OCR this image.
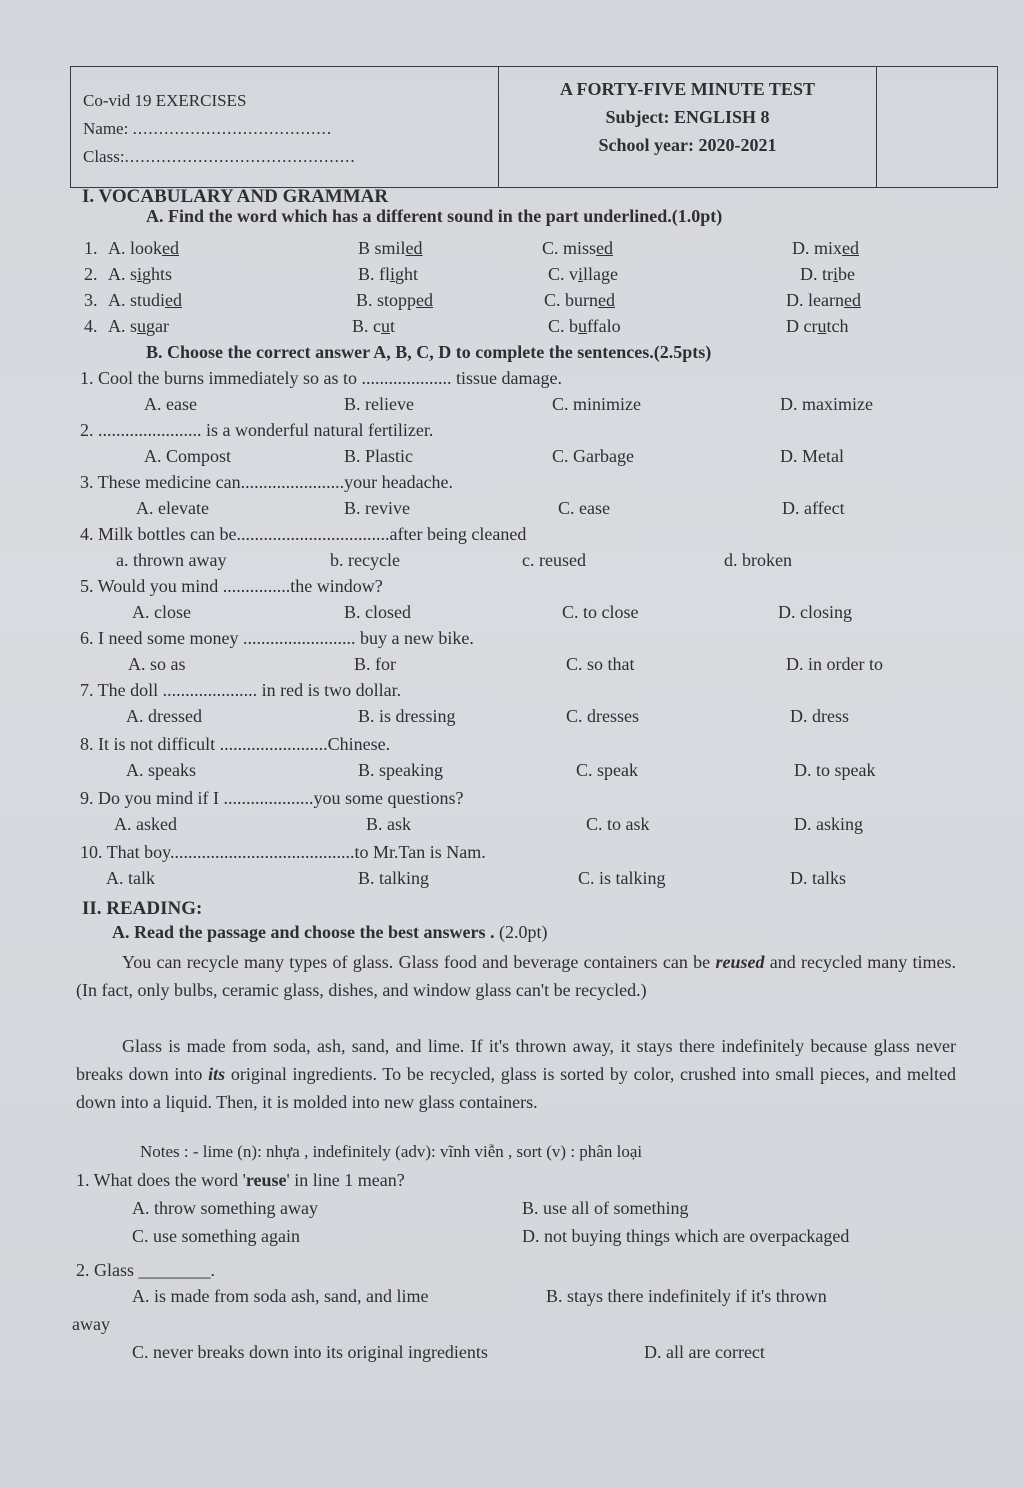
Co-vid 19 EXERCISES
Name: ......................................
Class:............................................
A FORTY-FIVE MINUTE TEST
Subject: ENGLISH 8
School year: 2020-2021
I. VOCABULARY AND GRAMMAR
A. Find the word which has a different sound in the part underlined.(1.0pt)
1. A. looked	B smiled	C. missed	D. mixed
2. A. sights	B. flight	C. village	D. tribe
3. A. studied	B. stopped	C. burned	D. learned
4. A. sugar	B. cut	C. buffalo	D crutch
B. Choose the correct answer A, B, C, D to complete the sentences.(2.5pts)
1. Cool the burns immediately so as to .................... tissue damage.
A. ease	B. relieve	C. minimize	D. maximize
2. ....................... is a wonderful natural fertilizer.
A. Compost	B. Plastic	C. Garbage	D. Metal
3. These medicine can.......................your headache.
A. elevate	B. revive	C. ease	D. affect
4. Milk bottles can be..................................after being cleaned
a. thrown away	b. recycle	c. reused	d. broken
5. Would you mind ...............the window?
A. close	B. closed	C. to close	D. closing
6. I need some money ......................... buy a new bike.
A. so as	B. for	C. so that	D. in order to
7. The doll ..................... in red is two dollar.
A. dressed	B. is dressing	C. dresses	D. dress
8. It is not difficult ........................Chinese.
A. speaks	B. speaking	C. speak	D. to speak
9. Do you mind if I ....................you some questions?
A. asked	B. ask	C. to ask	D. asking
10. That boy.........................................to Mr.Tan is Nam.
A. talk	B. talking	C. is talking	D. talks
II. READING:
A. Read the passage and choose the best answers . (2.0pt)
You can recycle many types of glass. Glass food and beverage containers can be reused and recycled many times. (In fact, only bulbs, ceramic glass, dishes, and window glass can't be recycled.)
Glass is made from soda, ash, sand, and lime. If it's thrown away, it stays there indefinitely because glass never breaks down into its original ingredients. To be recycled, glass is sorted by color, crushed into small pieces, and melted down into a liquid. Then, it is molded into new glass containers.
Notes : - lime (n): nhựa , indefinitely (adv): vĩnh viễn , sort (v) : phân loại
1. What does the word 'reuse' in line 1 mean?
A. throw something away	B. use all of something
C. use something again	D. not buying things which are overpackaged
2. Glass ________.
A. is made from soda ash, sand, and lime	B. stays there indefinitely if it's thrown
away
C. never breaks down into its original ingredients	D. all are correct
